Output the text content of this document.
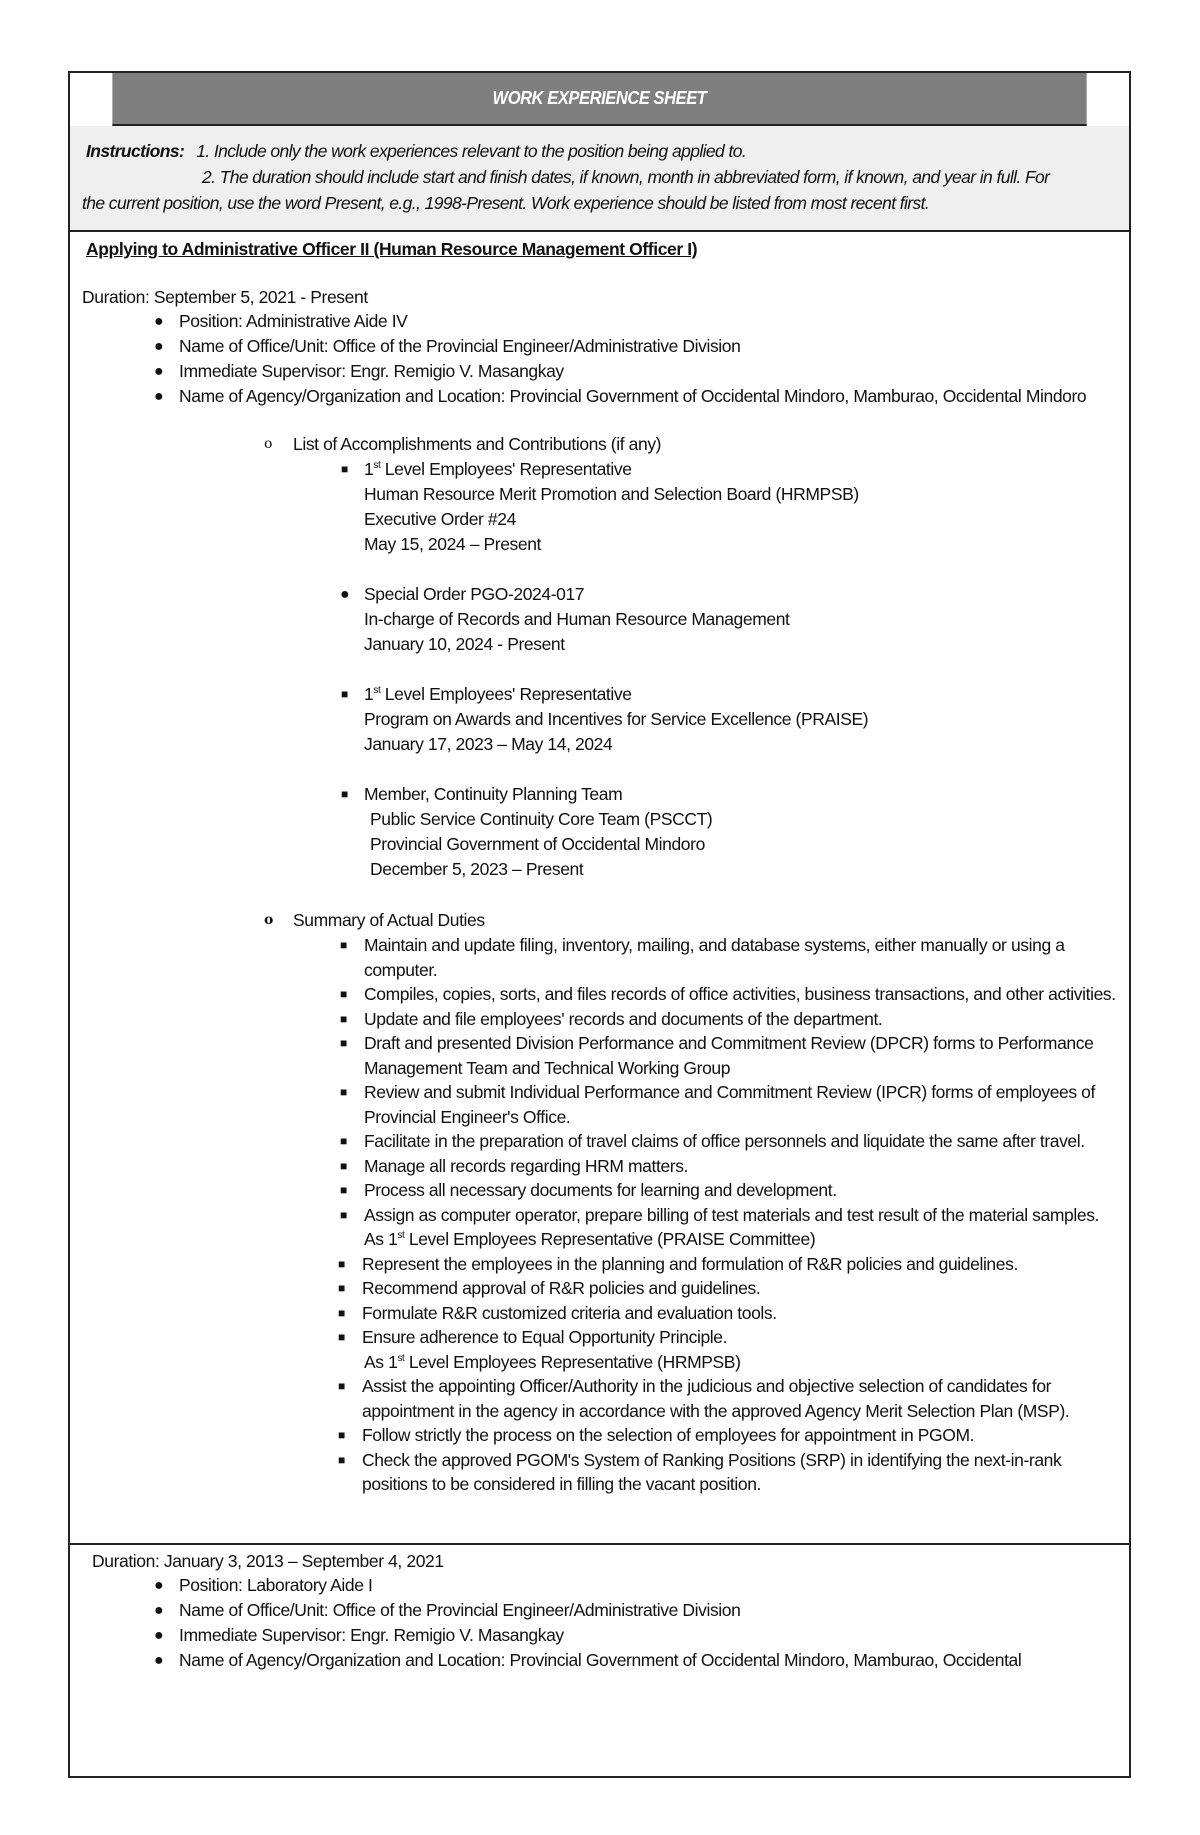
WORK EXPERIENCE SHEET
Instructions: 1. Include only the work experiences relevant to the position being applied to.
2. The duration should include start and finish dates, if known, month in abbreviated form, if known, and year in full. For
the current position, use the word Present, e.g., 1998-Present. Work experience should be listed from most recent first.
Applying to Administrative Officer II (Human Resource Management Officer I)
Duration: September 5, 2021 - Present
● Position: Administrative Aide IV
● Name of Office/Unit: Office of the Provincial Engineer/Administrative Division
● Immediate Supervisor: Engr. Remigio V. Masangkay
● Name of Agency/Organization and Location: Provincial Government of Occidental Mindoro, Mamburao, Occidental Mindoro
o List of Accomplishments and Contributions (if any)
■ 1st Level Employees' Representative
Human Resource Merit Promotion and Selection Board (HRMPSB)
Executive Order #24
May 15, 2024 – Present
● Special Order PGO-2024-017
In-charge of Records and Human Resource Management
January 10, 2024 - Present
■ 1st Level Employees' Representative
Program on Awards and Incentives for Service Excellence (PRAISE)
January 17, 2023 – May 14, 2024
■ Member, Continuity Planning Team
Public Service Continuity Core Team (PSCCT)
Provincial Government of Occidental Mindoro
December 5, 2023 – Present
o Summary of Actual Duties
■ Maintain and update filing, inventory, mailing, and database systems, either manually or using a computer.
■ Compiles, copies, sorts, and files records of office activities, business transactions, and other activities.
■ Update and file employees' records and documents of the department.
■ Draft and presented Division Performance and Commitment Review (DPCR) forms to Performance Management Team and Technical Working Group
■ Review and submit Individual Performance and Commitment Review (IPCR) forms of employees of Provincial Engineer's Office.
■ Facilitate in the preparation of travel claims of office personnels and liquidate the same after travel.
■ Manage all records regarding HRM matters.
■ Process all necessary documents for learning and development.
■ Assign as computer operator, prepare billing of test materials and test result of the material samples.
As 1st Level Employees Representative (PRAISE Committee)
■ Represent the employees in the planning and formulation of R&R policies and guidelines.
■ Recommend approval of R&R policies and guidelines.
■ Formulate R&R customized criteria and evaluation tools.
■ Ensure adherence to Equal Opportunity Principle.
As 1st Level Employees Representative (HRMPSB)
■ Assist the appointing Officer/Authority in the judicious and objective selection of candidates for appointment in the agency in accordance with the approved Agency Merit Selection Plan (MSP).
■ Follow strictly the process on the selection of employees for appointment in PGOM.
■ Check the approved PGOM's System of Ranking Positions (SRP) in identifying the next-in-rank positions to be considered in filling the vacant position.
Duration: January 3, 2013 – September 4, 2021
● Position: Laboratory Aide I
● Name of Office/Unit: Office of the Provincial Engineer/Administrative Division
● Immediate Supervisor: Engr. Remigio V. Masangkay
● Name of Agency/Organization and Location: Provincial Government of Occidental Mindoro, Mamburao, Occidental
